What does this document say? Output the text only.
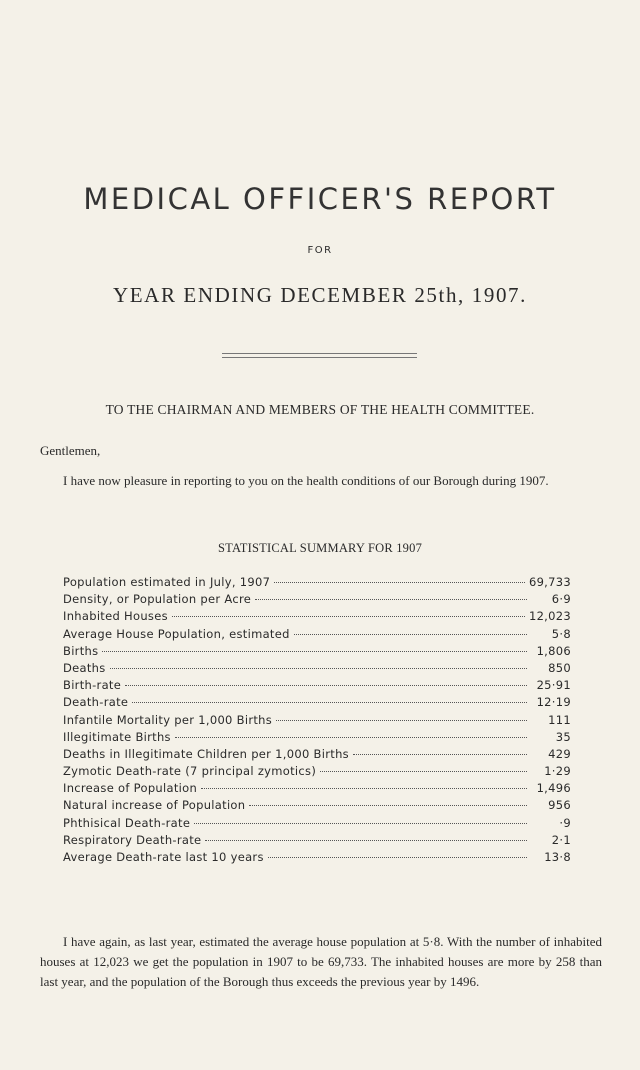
MEDICAL OFFICER'S REPORT
FOR
YEAR ENDING DECEMBER 25th, 1907.
TO THE CHAIRMAN AND MEMBERS OF THE HEALTH COMMITTEE.
Gentlemen,
I have now pleasure in reporting to you on the health conditions of our Borough during 1907.
STATISTICAL SUMMARY FOR 1907
Population estimated in July, 1907	69,733
Density, or Population per Acre	6·9
Inhabited Houses	12,023
Average House Population, estimated	5·8
Births	1,806
Deaths	850
Birth-rate	25·91
Death-rate	12·19
Infantile Mortality per 1,000 Births	111
Illegitimate Births	35
Deaths in Illegitimate Children per 1,000 Births	429
Zymotic Death-rate (7 principal zymotics)	1·29
Increase of Population	1,496
Natural increase of Population	956
Phthisical Death-rate	·9
Respiratory Death-rate	2·1
Average Death-rate last 10 years	13·8
I have again, as last year, estimated the average house population at 5·8. With the number of inhabited houses at 12,023 we get the population in 1907 to be 69,733. The inhabited houses are more by 258 than last year, and the population of the Borough thus exceeds the previous year by 1496.
